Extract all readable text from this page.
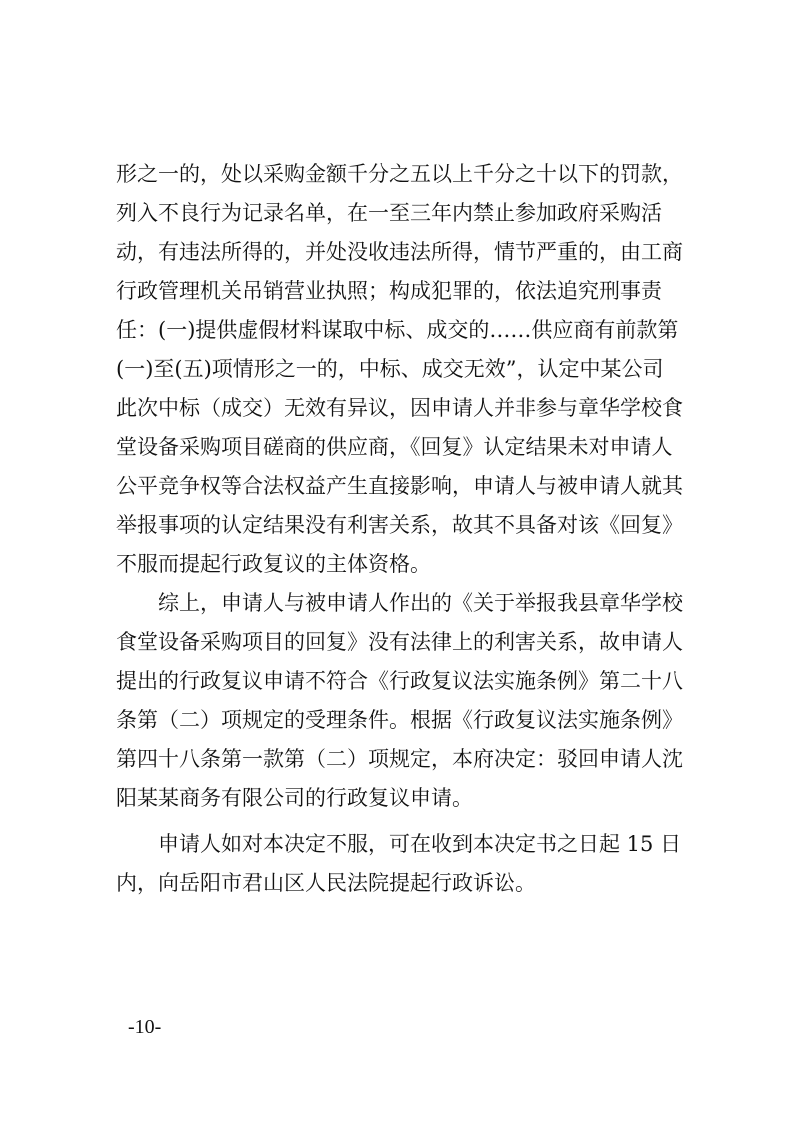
形之一的，处以采购金额千分之五以上千分之十以下的罚款，
列入不良行为记录名单，在一至三年内禁止参加政府采购活
动，有违法所得的，并处没收违法所得，情节严重的，由工商
行政管理机关吊销营业执照；构成犯罪的，依法追究刑事责
任：(一)提供虚假材料谋取中标、成交的……供应商有前款第
(一)至(五)项情形之一的，中标、成交无效”，认定中某公司
此次中标（成交）无效有异议，因申请人并非参与章华学校食
堂设备采购项目磋商的供应商，《回复》认定结果未对申请人
公平竞争权等合法权益产生直接影响，申请人与被申请人就其
举报事项的认定结果没有利害关系，故其不具备对该《回复》
不服而提起行政复议的主体资格。
　　综上，申请人与被申请人作出的《关于举报我县章华学校
食堂设备采购项目的回复》没有法律上的利害关系，故申请人
提出的行政复议申请不符合《行政复议法实施条例》第二十八
条第（二）项规定的受理条件。根据《行政复议法实施条例》
第四十八条第一款第（二）项规定，本府决定：驳回申请人沈
阳某某商务有限公司的行政复议申请。
　　申请人如对本决定不服，可在收到本决定书之日起 15 日
内，向岳阳市君山区人民法院提起行政诉讼。
-10-
